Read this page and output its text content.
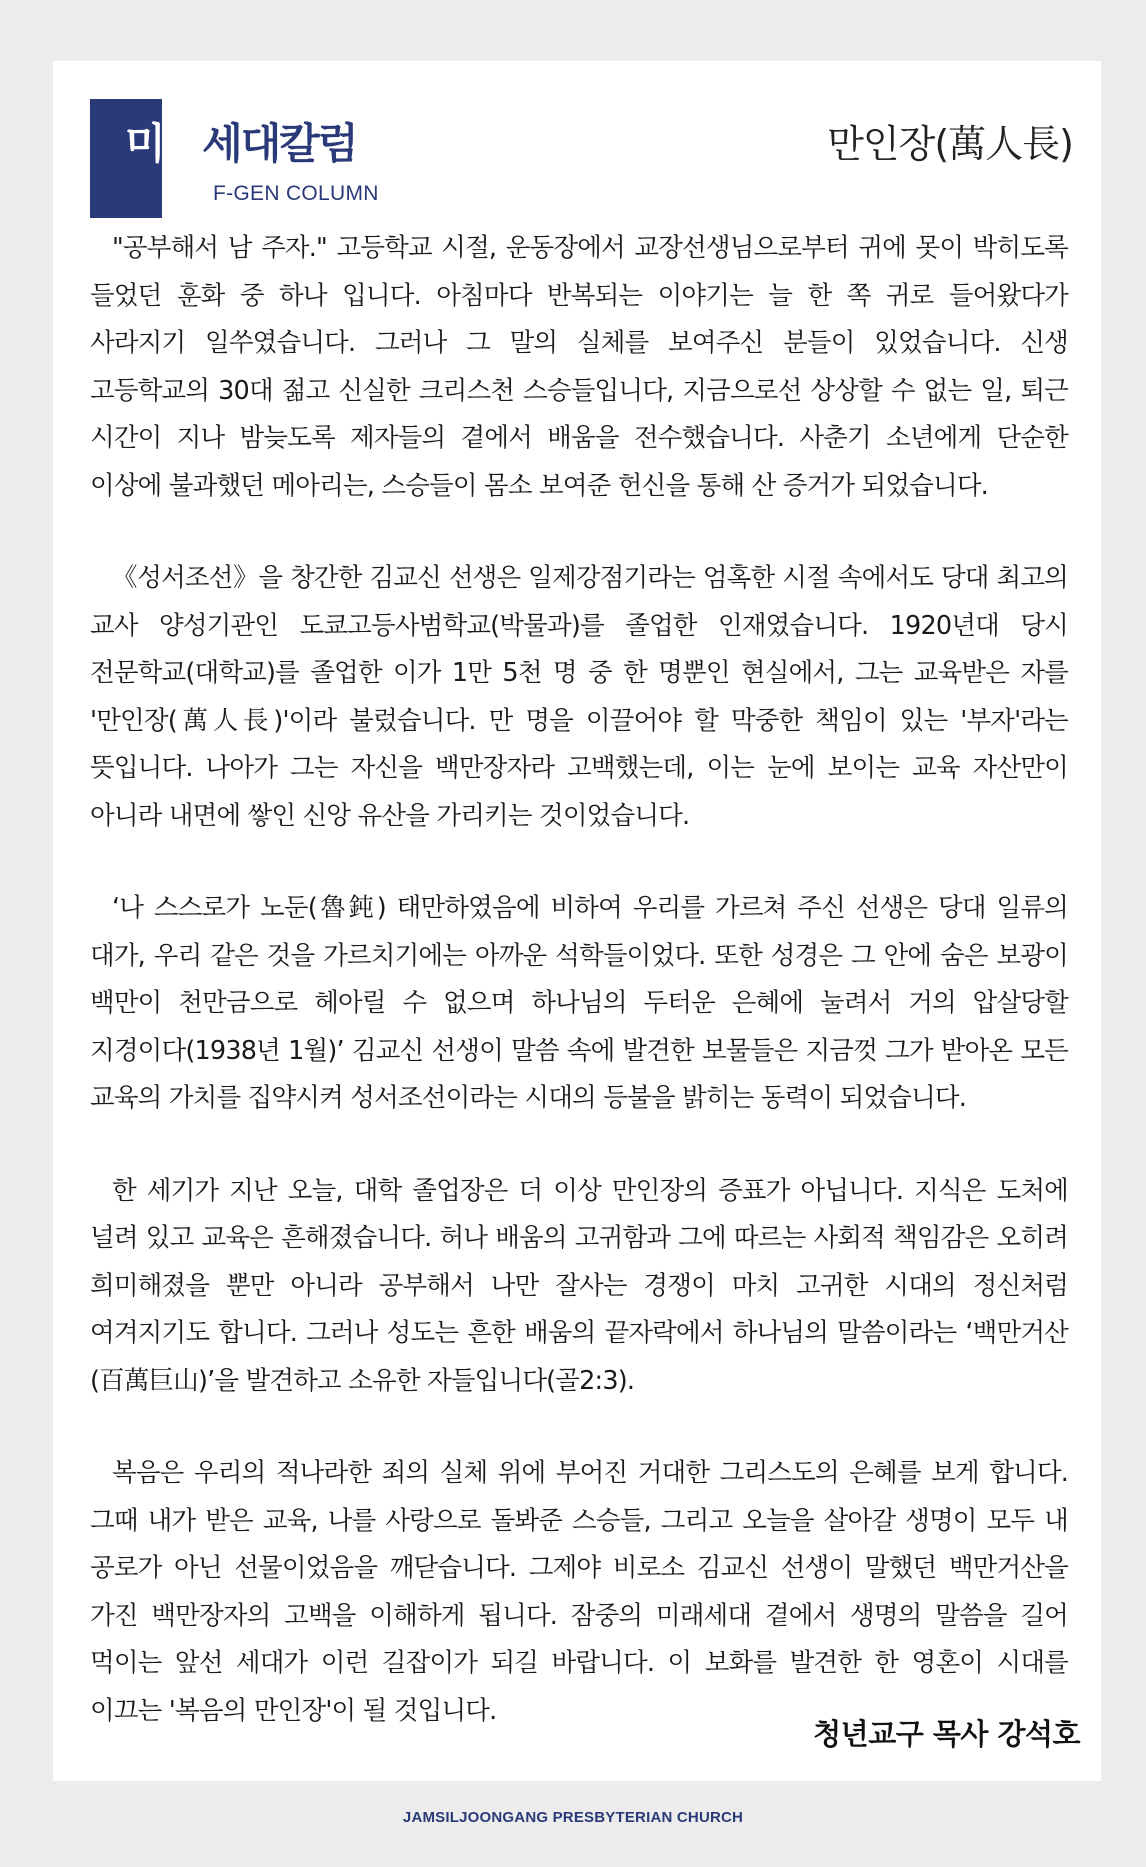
미래세대칼럼
F-GEN COLUMN
만인장(萬人長)

"공부해서 남 주자." 고등학교 시절, 운동장에서 교장선생님으로부터 귀에 못이 박히도록 들었던 훈화 중 하나 입니다. 아침마다 반복되는 이야기는 늘 한 쪽 귀로 들어왔다가 사라지기 일쑤였습니다. 그러나 그 말의 실체를 보여주신 분들이 있었습니다. 신생 고등학교의 30대 젊고 신실한 크리스천 스승들입니다, 지금으로선 상상할 수 없는 일, 퇴근 시간이 지나 밤늦도록 제자들의 곁에서 배움을 전수했습니다. 사춘기 소년에게 단순한 이상에 불과했던 메아리는, 스승들이 몸소 보여준 헌신을 통해 산 증거가 되었습니다.

《성서조선》을 창간한 김교신 선생은 일제강점기라는 엄혹한 시절 속에서도 당대 최고의 교사 양성기관인 도쿄고등사범학교(박물과)를 졸업한 인재였습니다. 1920년대 당시 전문학교(대학교)를 졸업한 이가 1만 5천 명 중 한 명뿐인 현실에서, 그는 교육받은 자를 '만인장(萬人長)'이라 불렀습니다. 만 명을 이끌어야 할 막중한 책임이 있는 '부자'라는 뜻입니다. 나아가 그는 자신을 백만장자라 고백했는데, 이는 눈에 보이는 교육 자산만이 아니라 내면에 쌓인 신앙 유산을 가리키는 것이었습니다.

‘나 스스로가 노둔(魯鈍) 태만하였음에 비하여 우리를 가르쳐 주신 선생은 당대 일류의 대가, 우리 같은 것을 가르치기에는 아까운 석학들이었다. 또한 성경은 그 안에 숨은 보광이 백만이 천만금으로 헤아릴 수 없으며 하나님의 두터운 은혜에 눌려서 거의 압살당할 지경이다(1938년 1월)’ 김교신 선생이 말씀 속에 발견한 보물들은 지금껏 그가 받아온 모든 교육의 가치를 집약시켜 성서조선이라는 시대의 등불을 밝히는 동력이 되었습니다.

한 세기가 지난 오늘, 대학 졸업장은 더 이상 만인장의 증표가 아닙니다. 지식은 도처에 널려 있고 교육은 흔해졌습니다. 허나 배움의 고귀함과 그에 따르는 사회적 책임감은 오히려 희미해졌을 뿐만 아니라 공부해서 나만 잘사는 경쟁이 마치 고귀한 시대의 정신처럼 여겨지기도 합니다. 그러나 성도는 흔한 배움의 끝자락에서 하나님의 말씀이라는 ‘백만거산(百萬巨山)’을 발견하고 소유한 자들입니다(골2:3).

복음은 우리의 적나라한 죄의 실체 위에 부어진 거대한 그리스도의 은혜를 보게 합니다. 그때 내가 받은 교육, 나를 사랑으로 돌봐준 스승들, 그리고 오늘을 살아갈 생명이 모두 내 공로가 아닌 선물이었음을 깨닫습니다. 그제야 비로소 김교신 선생이 말했던 백만거산을 가진 백만장자의 고백을 이해하게 됩니다. 잠중의 미래세대 곁에서 생명의 말씀을 길어 먹이는 앞선 세대가 이런 길잡이가 되길 바랍니다. 이 보화를 발견한 한 영혼이 시대를 이끄는 '복음의 만인장'이 될 것입니다.

청년교구 목사 강석호
JAMSILJOONGANG PRESBYTERIAN CHURCH
